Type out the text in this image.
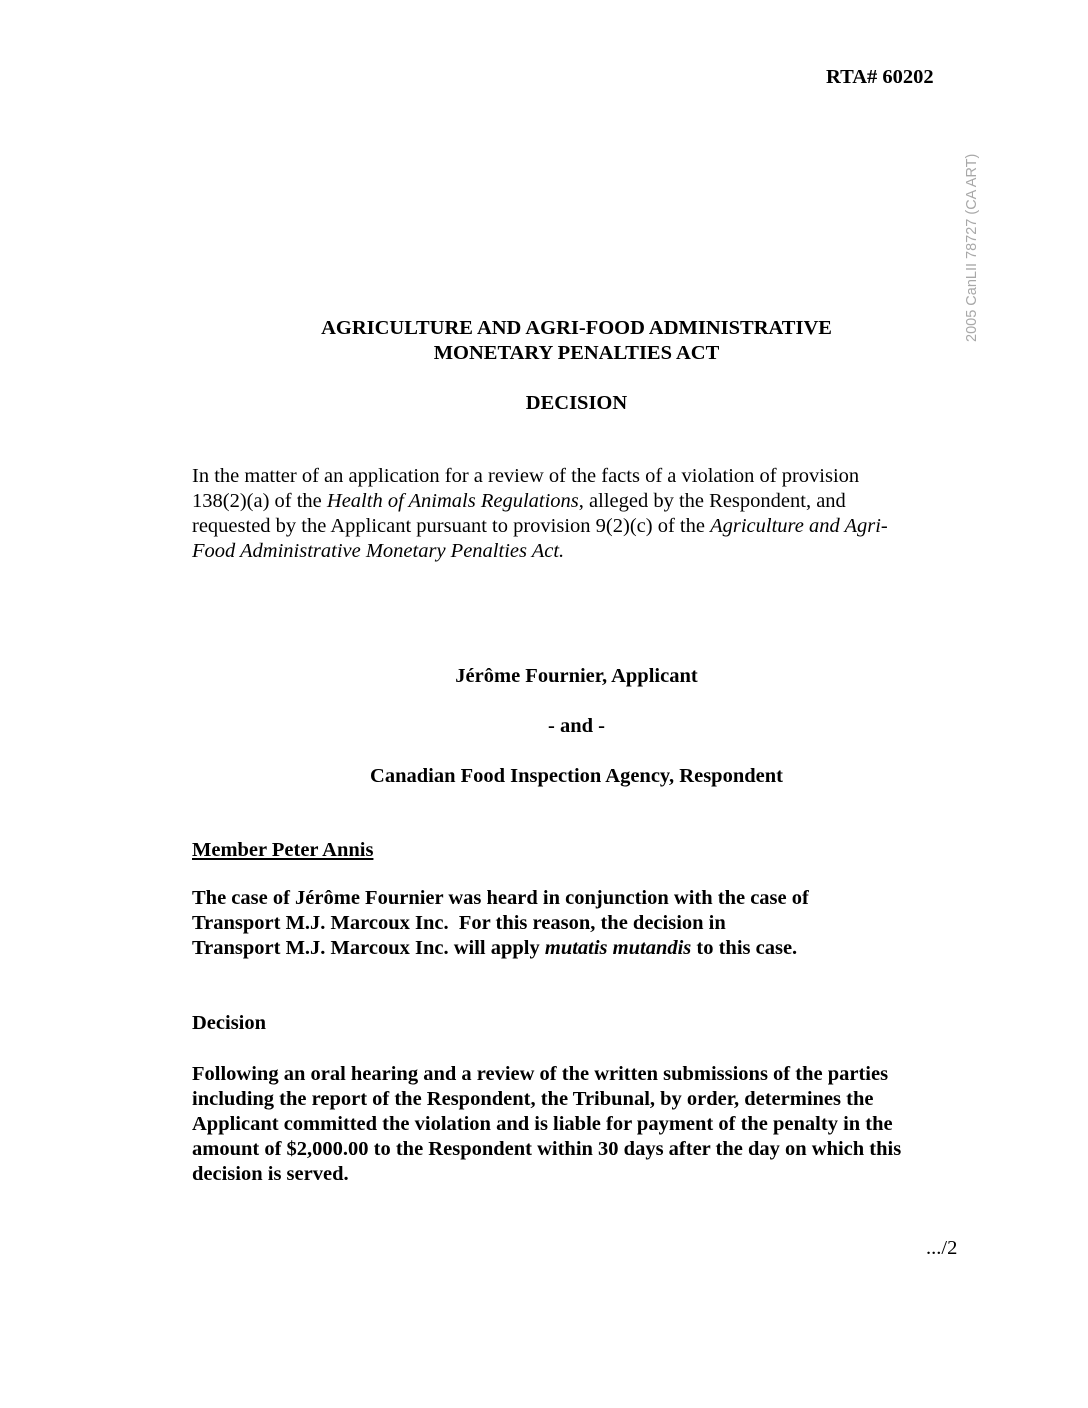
RTA# 60202
2005 CanLII 78727 (CA ART)
AGRICULTURE AND AGRI-FOOD ADMINISTRATIVE
MONETARY PENALTIES ACT
DECISION
In the matter of an application for a review of the facts of a violation of provision
138(2)(a) of the Health of Animals Regulations, alleged by the Respondent, and
requested by the Applicant pursuant to provision 9(2)(c) of the Agriculture and Agri-
Food Administrative Monetary Penalties Act.
Jérôme Fournier, Applicant
- and -
Canadian Food Inspection Agency, Respondent
Member Peter Annis
The case of Jérôme Fournier was heard in conjunction with the case of
Transport M.J. Marcoux Inc.  For this reason, the decision in
Transport M.J. Marcoux Inc. will apply mutatis mutandis to this case.
Decision
Following an oral hearing and a review of the written submissions of the parties
including the report of the Respondent, the Tribunal, by order, determines the
Applicant committed the violation and is liable for payment of the penalty in the
amount of $2,000.00 to the Respondent within 30 days after the day on which this
decision is served.
.../2
